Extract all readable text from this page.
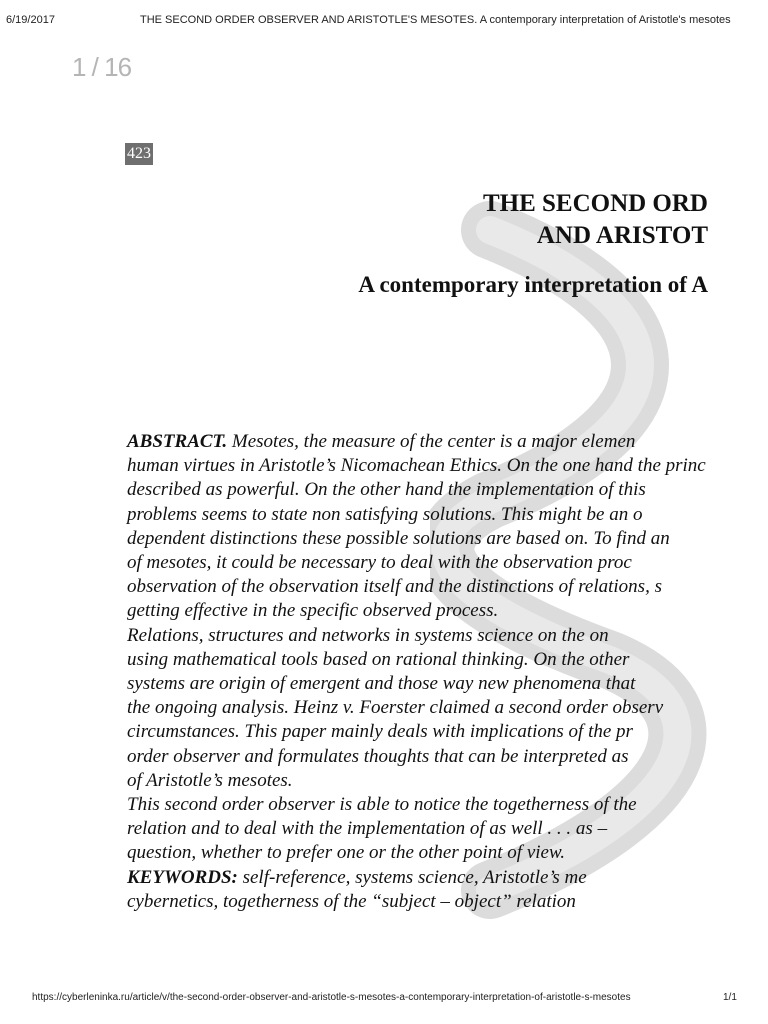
6/19/2017	THE SECOND ORDER OBSERVER AND ARISTOTLE'S MESOTES. A contemporary interpretation of Aristotle's mesotes
1 / 16
423
THE SECOND ORD
AND ARISTOT
A contemporary interpretation of A

ABSTRACT. Mesotes, the measure of the center is a major elemen

human virtues in Aristotle’s Nicomachean Ethics. On the one hand the princ

described as powerful. On the other hand the implementation of this

problems seems to state non satisfying solutions. This might be an o

dependent distinctions these possible solutions are based on. To find an

of mesotes, it could be necessary to deal with the observation proc

observation of the observation itself and the distinctions of relations, s

getting effective in the specific observed process.

Relations, structures and networks in systems science on the on

using mathematical tools based on rational thinking. On the other

systems are origin of emergent and those way new phenomena that

the ongoing analysis. Heinz v. Foerster claimed a second order observ

circumstances. This paper mainly deals with implications of the pr

order observer and formulates thoughts that can be interpreted as

of Aristotle’s mesotes.

This second order observer is able to notice the togetherness of the

relation and to deal with the implementation of as well . . . as –

question, whether to prefer one or the other point of view.

KEYWORDS: self-reference, systems science, Aristotle’s me

cybernetics, togetherness of the “subject – object” relation

https://cyberleninka.ru/article/v/the-second-order-observer-and-aristotle-s-mesotes-a-contemporary-interpretation-of-aristotle-s-mesotes	1/1
